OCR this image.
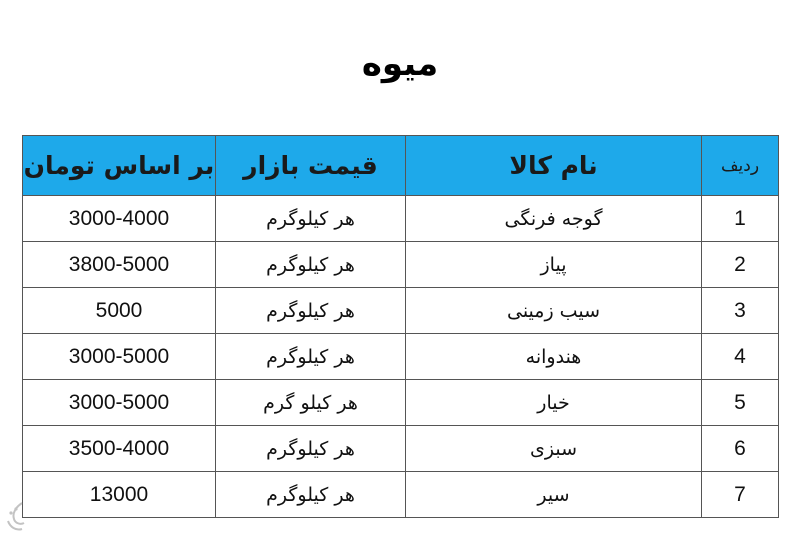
میوه
ردیف	نام کالا	قیمت بازار	بر اساس تومان
1	گوجه فرنگی	هر کیلوگرم	3000-4000
2	پیاز	هر کیلوگرم	3800-5000
3	سیب زمینی	هر کیلوگرم	5000
4	هندوانه	هر کیلوگرم	3000-5000
5	خیار	هر کیلو گرم	3000-5000
6	سبزی	هر کیلوگرم	3500-4000
7	سیر	هر کیلوگرم	13000
